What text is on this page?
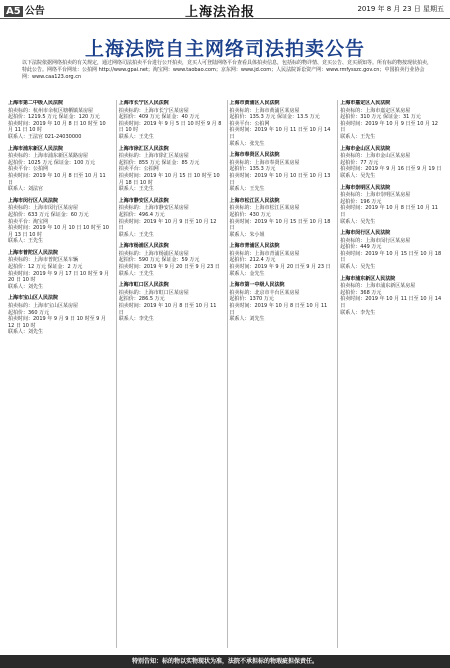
A5 公告	上海法治报	2019 年 8 月 23 日 星期五
上海法院自主网络司法拍卖公告
以下法院依据网络拍卖的有关规定，通过网络司法拍卖平台进行公开拍卖，竞买人可登陆网络平台查看具体拍卖信息，包括标的物详情、竞买公告、竞买须知等。所有标的物按现状拍卖，特此公告。网络平台网址：公拍网 http://www.gpai.net；淘宝网：www.taobao.com；京东网：www.jd.com；人民法院诉讼资产网：www.rmfysszc.gov.cn；中国拍卖行业协会网：www.caa123.org.cn
上海市第二中级人民法院
拍卖标的：杭州市余杭区塘栖镇某房屋
起拍价：1219.5 万元 保证金：120 万元
拍卖时间：2019 年 10 月 8 日 10 时至 10 月 11 日 10 时
联系人：王法官 021-24030000
上海市浦东新区人民法院
拍卖标的：上海市浦东新区某路房屋
起拍价：1025 万元 保证金：100 万元
拍卖平台：公拍网
拍卖时间：2019 年 10 月 8 日至 10 月 11 日
联系人：刘法官
上海市闵行区人民法院
拍卖标的：上海市闵行区某房屋
起拍价：633 万元 保证金：60 万元
拍卖平台：淘宝网
拍卖时间：2019 年 10 月 10 日 10 时至 10 月 13 日 10 时
联系人：王先生
上海市普陀区人民法院
拍卖标的：上海市普陀区某车辆
起拍价：12 万元 保证金：2 万元
拍卖时间：2019 年 9 月 17 日 10 时至 9 月 20 日 10 时
联系人：刘先生
上海市宝山区人民法院
拍卖标的：上海市宝山区某房屋
起拍价：360 万元
拍卖时间：2019 年 9 月 9 日 10 时至 9 月 12 日 10 时
联系人：刘先生
上海市长宁区人民法院
拍卖标的：上海市长宁区某房屋
起拍价：409 万元 保证金：40 万元
拍卖时间：2019 年 9 月 5 日 10 时至 9 月 8 日 10 时
联系人：王先生
上海市徐汇区人民法院
拍卖标的：上海市徐汇区某房屋
起拍价：855 万元 保证金：85 万元
拍卖平台：公拍网
拍卖时间：2019 年 10 月 15 日 10 时至 10 月 18 日 10 时
联系人：王先生
上海市静安区人民法院
拍卖标的：上海市静安区某房屋
起拍价：496.4 万元
拍卖时间：2019 年 10 月 9 日至 10 月 12 日
联系人：王先生
上海市杨浦区人民法院
拍卖标的：上海市杨浦区某房屋
起拍价：590 万元 保证金：59 万元
拍卖时间：2019 年 9 月 20 日至 9 月 23 日
联系人：王先生
上海市虹口区人民法院
拍卖标的：上海市虹口区某房屋
起拍价：286.5 万元
拍卖时间：2019 年 10 月 8 日至 10 月 11 日
联系人：李先生
上海市黄浦区人民法院
拍卖标的：上海市黄浦区某房屋
起拍价：135.3 万元 保证金：13.5 万元
拍卖平台：公拍网
拍卖时间：2019 年 10 月 11 日至 10 月 14 日
联系人：张先生
上海市奉贤区人民法院
拍卖标的：上海市奉贤区某房屋
起拍价：135.3 万元
拍卖时间：2019 年 10 月 10 日至 10 月 13 日
联系人：王先生
上海市松江区人民法院
拍卖标的：上海市松江区某房屋
起拍价：430 万元
拍卖时间：2019 年 10 月 15 日至 10 月 18 日
联系人：朱小姐
上海市青浦区人民法院
拍卖标的：上海市青浦区某房屋
起拍价：212.4 万元
拍卖时间：2019 年 9 月 20 日至 9 月 23 日
联系人：金先生
上海市第一中级人民法院
拍卖标的：北京市丰台区某房屋
起拍价：1370 万元
拍卖时间：2019 年 10 月 8 日至 10 月 11 日
联系人：刘先生
上海市嘉定区人民法院
拍卖标的：上海市嘉定区某房屋
起拍价：310 万元 保证金：31 万元
拍卖时间：2019 年 10 月 9 日至 10 月 12 日
联系人：王先生
上海市金山区人民法院
拍卖标的：上海市金山区某房屋
起拍价：77 万元
拍卖时间：2019 年 9 月 16 日至 9 月 19 日
联系人：吴先生
上海市崇明区人民法院
拍卖标的：上海市崇明区某房屋
起拍价：196 万元
拍卖时间：2019 年 10 月 8 日至 10 月 11 日
联系人：吴先生
上海市闵行区人民法院
拍卖标的：上海市闵行区某房屋
起拍价：449 万元
拍卖时间：2019 年 10 月 15 日至 10 月 18 日
联系人：吴先生
上海市浦东新区人民法院
拍卖标的：上海市浦东新区某房屋
起拍价：368 万元
拍卖时间：2019 年 10 月 11 日至 10 月 14 日
联系人：李先生
特别告知：标的物以实物现状为准，法院不承担标的物瑕疵担保责任。
